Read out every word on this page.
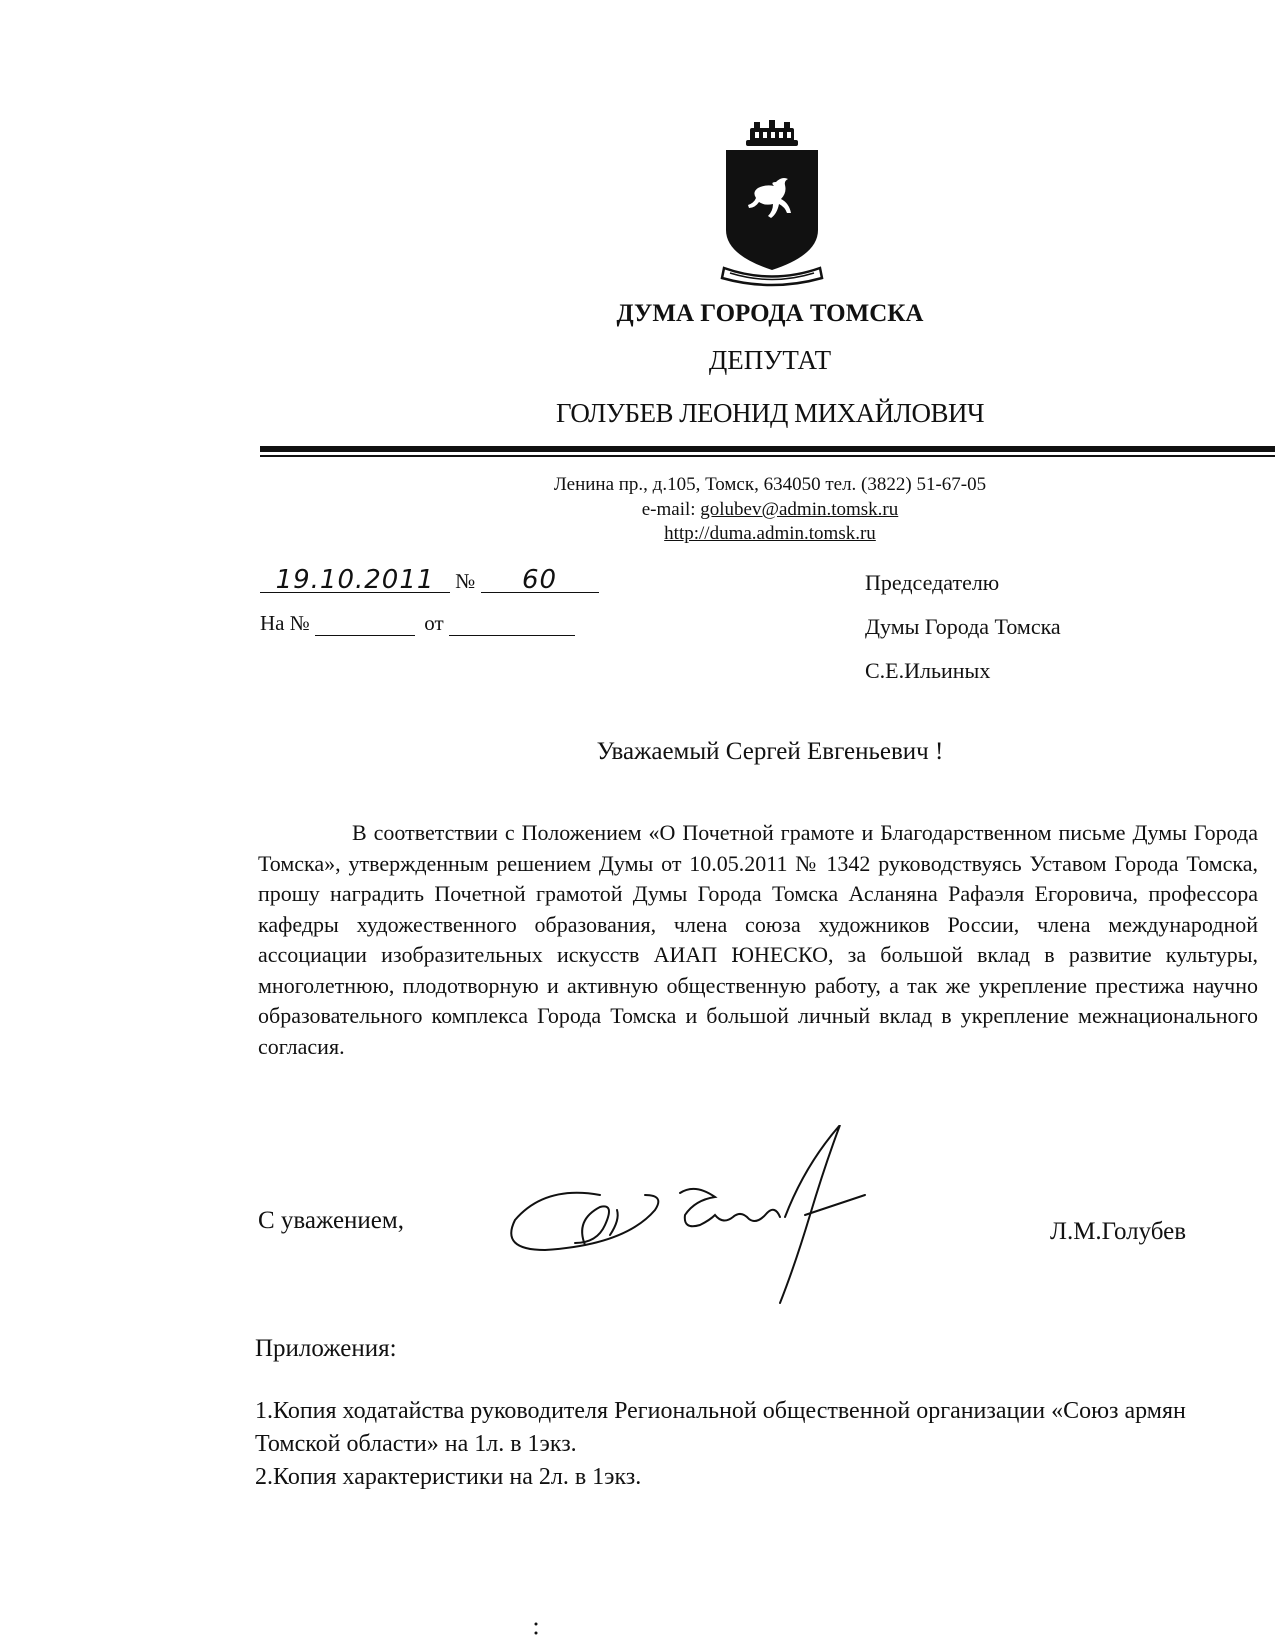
ДУМА ГОРОДА ТОМСКА
ДЕПУТАТ
ГОЛУБЕВ ЛЕОНИД МИХАЙЛОВИЧ
Ленина пр., д.105, Томск, 634050 тел. (3822) 51-67-05
e-mail: golubev@admin.tomsk.ru
http://duma.admin.tomsk.ru
19.10.2011 № 60
На №	от
Председателю
Думы Города Томска
С.Е.Ильиных
Уважаемый Сергей Евгеньевич !
В соответствии с Положением «О Почетной грамоте и Благодарственном письме Думы Города Томска», утвержденным решением Думы от 10.05.2011 № 1342 руководствуясь Уставом Города Томска, прошу наградить Почетной грамотой Думы Города Томска Асланяна Рафаэля Егоровича, профессора кафедры художественного образования, члена союза художников России, члена международной ассоциации изобразительных искусств АИАП ЮНЕСКО, за большой вклад в развитие культуры, многолетнюю, плодотворную и активную общественную работу, а так же укрепление престижа научно образовательного комплекса Города Томска и большой личный вклад в укрепление межнационального согласия.
С уважением,	Л.М.Голубев
Приложения:
1.Копия ходатайства руководителя Региональной общественной организации «Союз армян Томской области» на 1л. в 1экз.
2.Копия характеристики на 2л. в 1экз.
